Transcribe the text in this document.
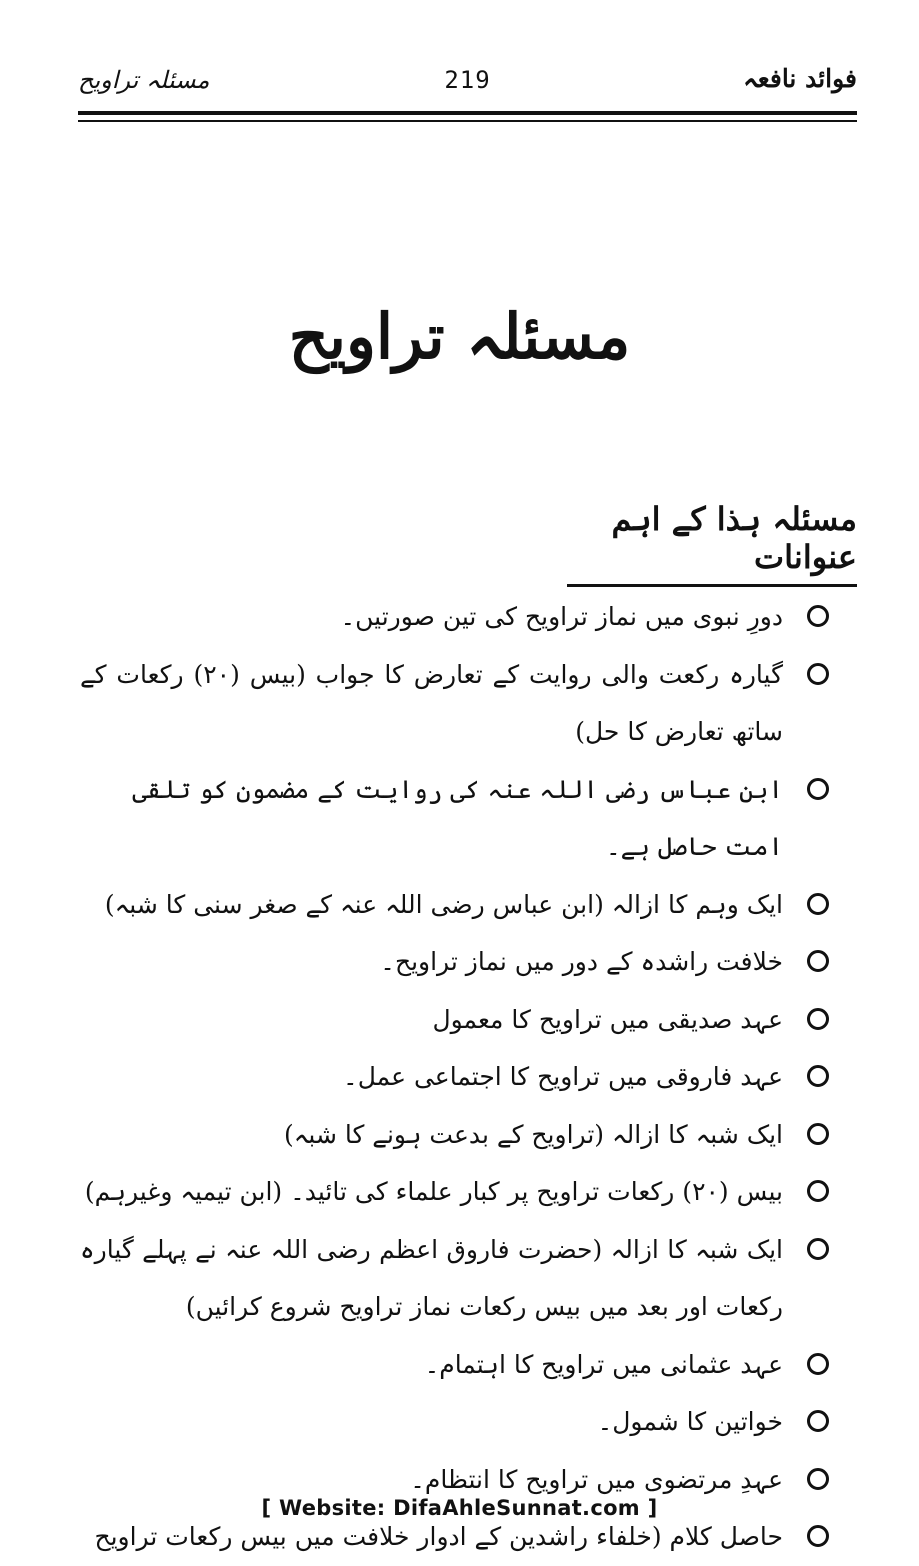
مسئلہ تراویح	219	فوائد نافعہ
مسئلہ تراویح
مسئلہ ہذا کے اہم عنوانات
دورِ نبوی میں نماز تراویح کی تین صورتیں۔
گیارہ رکعت والی روایت کے تعارض کا جواب (بیس (۲۰) رکعات کے ساتھ تعارض کا حل)
ابن عباس رضی اللہ عنہ کی روایت کے مضمون کو تلقی امت حاصل ہے۔
ایک وہم کا ازالہ (ابن عباس رضی اللہ عنہ کے صغر سنی کا شبہ)
خلافت راشدہ کے دور میں نماز تراویح۔
عہد صدیقی میں تراویح کا معمول
عہد فاروقی میں تراویح کا اجتماعی عمل۔
ایک شبہ کا ازالہ (تراویح کے بدعت ہونے کا شبہ)
بیس (۲۰) رکعات تراویح پر کبار علماء کی تائید۔ (ابن تیمیہ وغیرہم)
ایک شبہ کا ازالہ (حضرت فاروق اعظم رضی اللہ عنہ نے پہلے گیارہ رکعات اور بعد میں بیس رکعات نماز تراویح شروع کرائیں)
عہد عثمانی میں تراویح کا اہتمام۔
خواتین کا شمول۔
عہدِ مرتضوی میں تراویح کا انتظام۔
حاصل کلام (خلفاء راشدین کے ادوار خلافت میں بیس رکعات تراویح
[ Website: DifaAhleSunnat.com ]
